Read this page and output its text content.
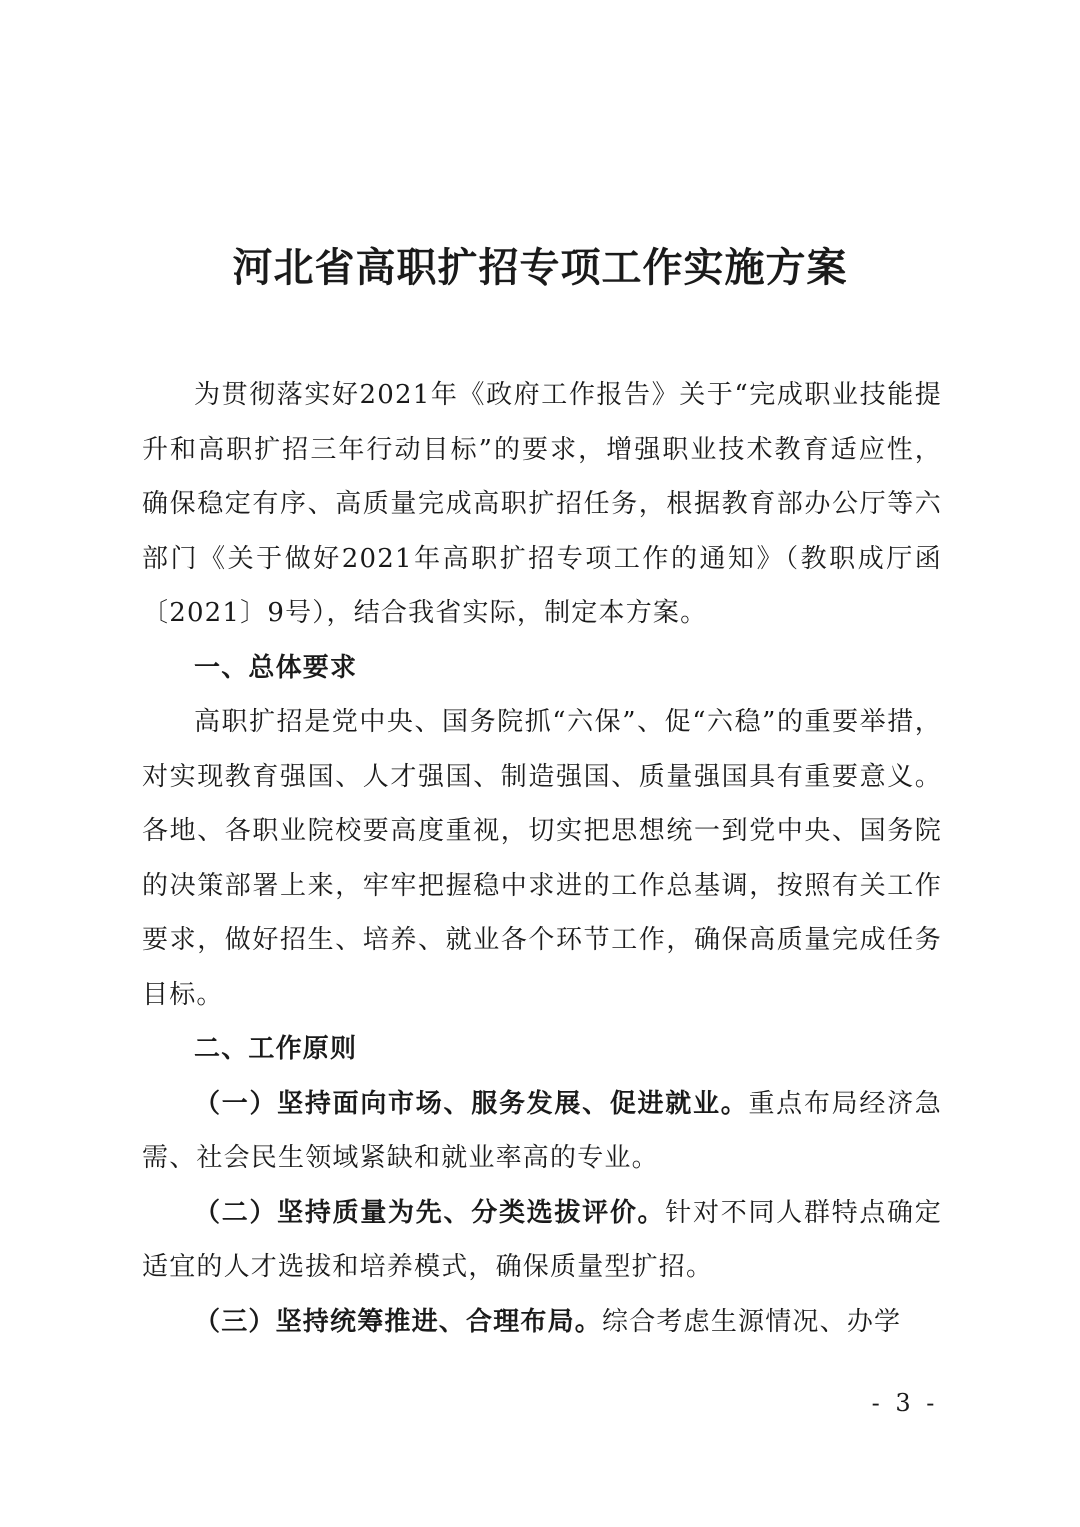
河北省高职扩招专项工作实施方案

为贯彻落实好2021年《政府工作报告》关于“完成职业技能提升和高职扩招三年行动目标”的要求，增强职业技术教育适应性，确保稳定有序、高质量完成高职扩招任务，根据教育部办公厅等六部门《关于做好2021年高职扩招专项工作的通知》（教职成厅函〔2021〕9号），结合我省实际，制定本方案。

一、总体要求

高职扩招是党中央、国务院抓“六保”、促“六稳”的重要举措，对实现教育强国、人才强国、制造强国、质量强国具有重要意义。各地、各职业院校要高度重视，切实把思想统一到党中央、国务院的决策部署上来，牢牢把握稳中求进的工作总基调，按照有关工作要求，做好招生、培养、就业各个环节工作，确保高质量完成任务目标。

二、工作原则

（一）坚持面向市场、服务发展、促进就业。重点布局经济急需、社会民生领域紧缺和就业率高的专业。

（二）坚持质量为先、分类选拔评价。针对不同人群特点确定适宜的人才选拔和培养模式，确保质量型扩招。

（三）坚持统筹推进、合理布局。综合考虑生源情况、办学

- 3 -
